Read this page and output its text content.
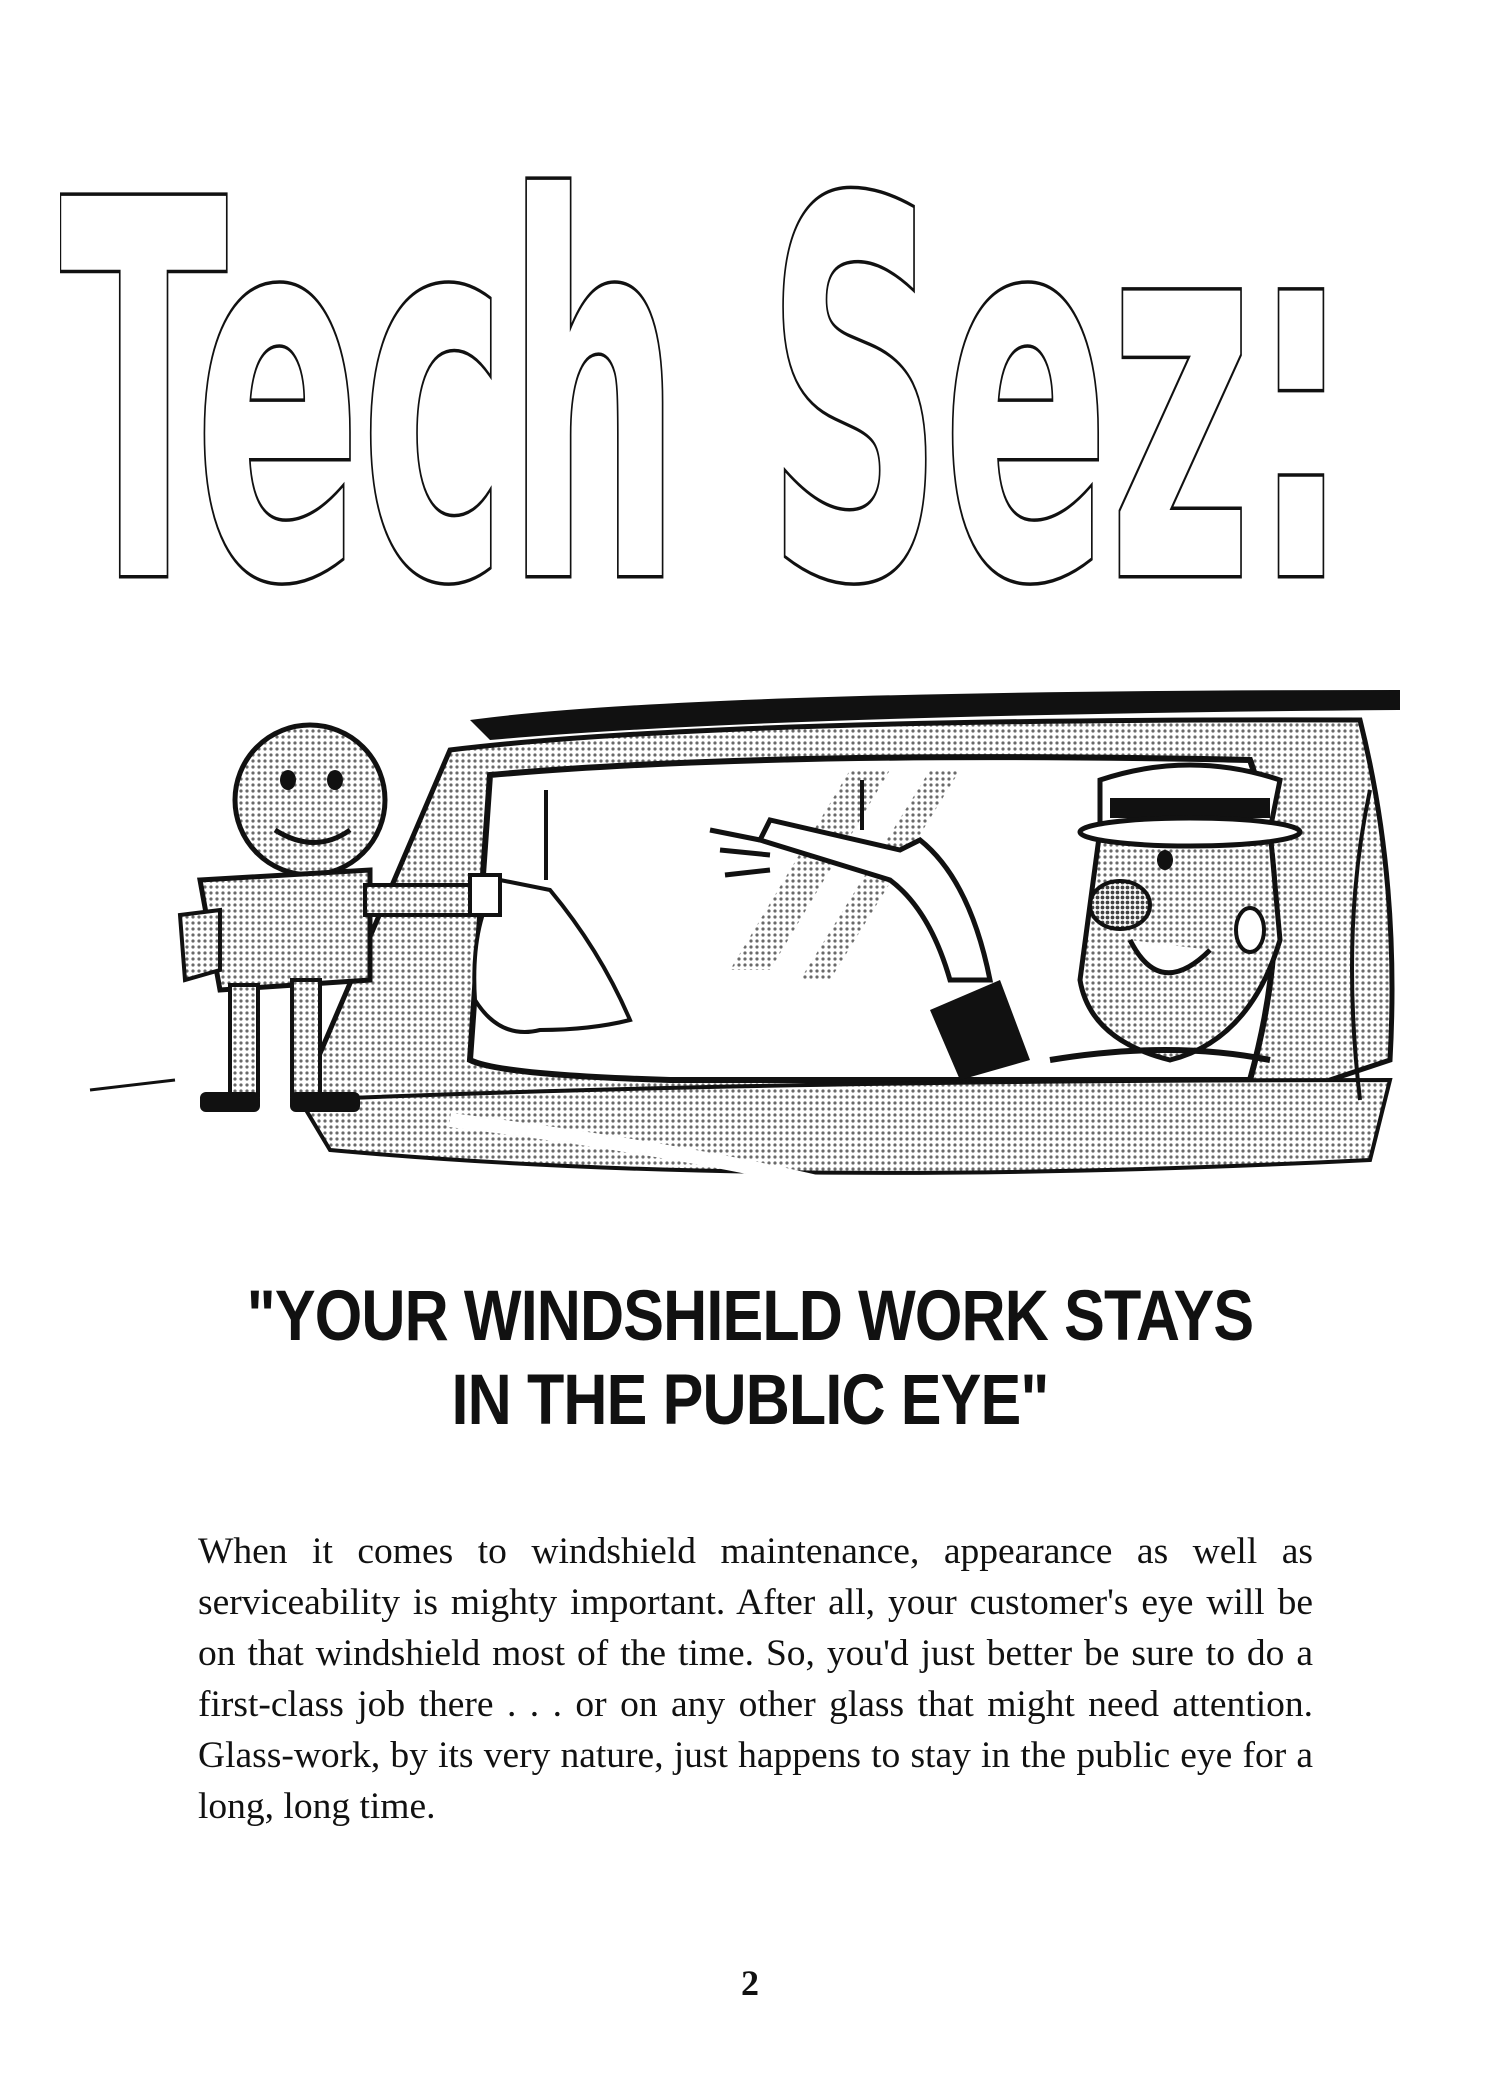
Tech Sez:
"YOUR WINDSHIELD WORK STAYS
IN THE PUBLIC EYE"

When it comes to windshield maintenance, appearance as well as serviceability is mighty important. After all, your customer's eye will be on that windshield most of the time. So, you'd just better be sure to do a first-class job there . . . or on any other glass that might need attention. Glass-work, by its very nature, just happens to stay in the public eye for a long, long time.

2
